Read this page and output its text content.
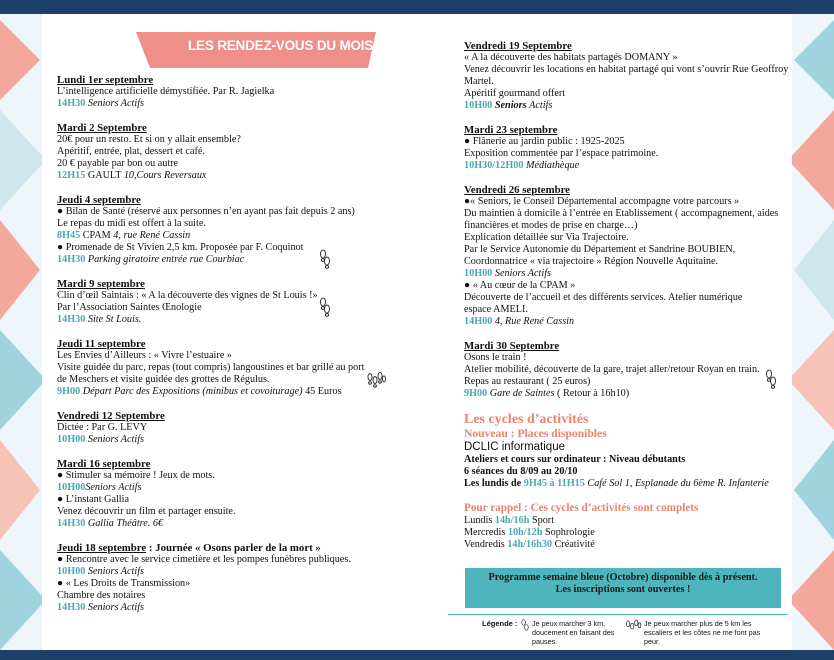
LES RENDEZ-VOUS DU MOIS
Lundi 1er septembre
L’intelligence artificielle démystifiée. Par R. Jagielka
14H30 Seniors Actifs
Mardi 2 Septembre
20€ pour un resto. Et si on y allait ensemble?
Apéritif, entrée, plat, dessert et café.
20 € payable par bon ou autre
12H15 GAULT 10,Cours Reversaux
Jeudi 4 septembre
● Bilan de Santé (réservé aux personnes n’en ayant pas fait depuis 2 ans)
Le repas du midi est offert à la suite.
8H45 CPAM 4, rue René Cassin
● Promenade de St Vivien 2,5 km. Proposée par F. Coquinot
14H30 Parking giratoire entrée rue Courbiac
Mardi 9 septembre
Clin d’œil Saintais : « A la découverte des vignes de St Louis !»
Par l’Association Saintes Œnologie
14H30 Site St Louis.
Jeudi 11 septembre
Les Envies d’Ailleurs : « Vivre l’estuaire »
Visite guidée du parc, repas (tout compris) langoustines et bar grillé au port
de Meschers et visite guidée des grottes de Régulus.
9H00 Départ Parc des Expositions (minibus et covoiturage) 45 Euros
Vendredi 12 Septembre
Dictée : Par G. LEVY
10H00 Seniors Actifs
Mardi 16 septembre
● Stimuler sa mémoire ! Jeux de mots.
10H00Seniors Actifs
● L’instant Gallia
Venez découvrir un film et partager ensuite.
14H30 Gallia Théâtre. 6€
Jeudi 18 septembre : Journée « Osons parler de la mort »
● Rencontre avec le service cimetière et les pompes funèbres publiques.
10H00 Seniors Actifs
● « Les Droits de Transmission»
Chambre des notaires
14H30 Seniors Actifs
Vendredi 19 Septembre
« A la découverte des habitats partagés DOMANY »
Venez découvrir les locations en habitat partagé qui vont s’ouvrir Rue Geoffroy
Martel.
Apéritif gourmand offert
10H00 Seniors Actifs
Mardi 23 septembre
● Flânerie au jardin public : 1925-2025
Exposition commentée par l’espace patrimoine.
10H30/12H00 Médiathèque
Vendredi 26 septembre
●« Seniors, le Conseil Départemental accompagne votre parcours »
Du maintien à domicile à l’entrée en Etablissement ( accompagnement, aides
financières et modes de prise en charge…)
Explication détaillée sur Via Trajectoire.
Par le Service Autonomie du Département et Sandrine BOUBIEN,
Coordonnatrice « via trajectoire » Région Nouvelle Aquitaine.
10H00 Seniors Actifs
● « Au cœur de la CPAM »
Découverte de l’accueil et des différents services. Atelier numérique
espace AMELI.
14H00 4, Rue René Cassin
Mardi 30 Septembre
Osons le train !
Atelier mobilité, découverte de la gare, trajet aller/retour Royan en train.
Repas au restaurant ( 25 euros)
9H00 Gare de Saintes ( Retour à 16h10)
Les cycles d’activités
Nouveau : Places disponibles
DCLIC informatique
Ateliers et cours sur ordinateur : Niveau débutants
6 séances du 8/09 au 20/10
Les lundis de 9H45 à 11H15 Café Sol 1, Esplanade du 6ème R. Infanterie
Pour rappel : Ces cycles d’activités sont complets
Lundis 14h/16h Sport
Mercredis 10h/12h Sophrologie
Vendredis 14h/16h30 Créativité
Programme semaine bleue (Octobre) disponible dès à présent.
Les inscriptions sont ouvertes !
Légende : Je peux marcher 3 km, doucement en faisant des pauses.
Je peux marcher plus de 5 km les escaliers et les côtes ne me font pas peur.
